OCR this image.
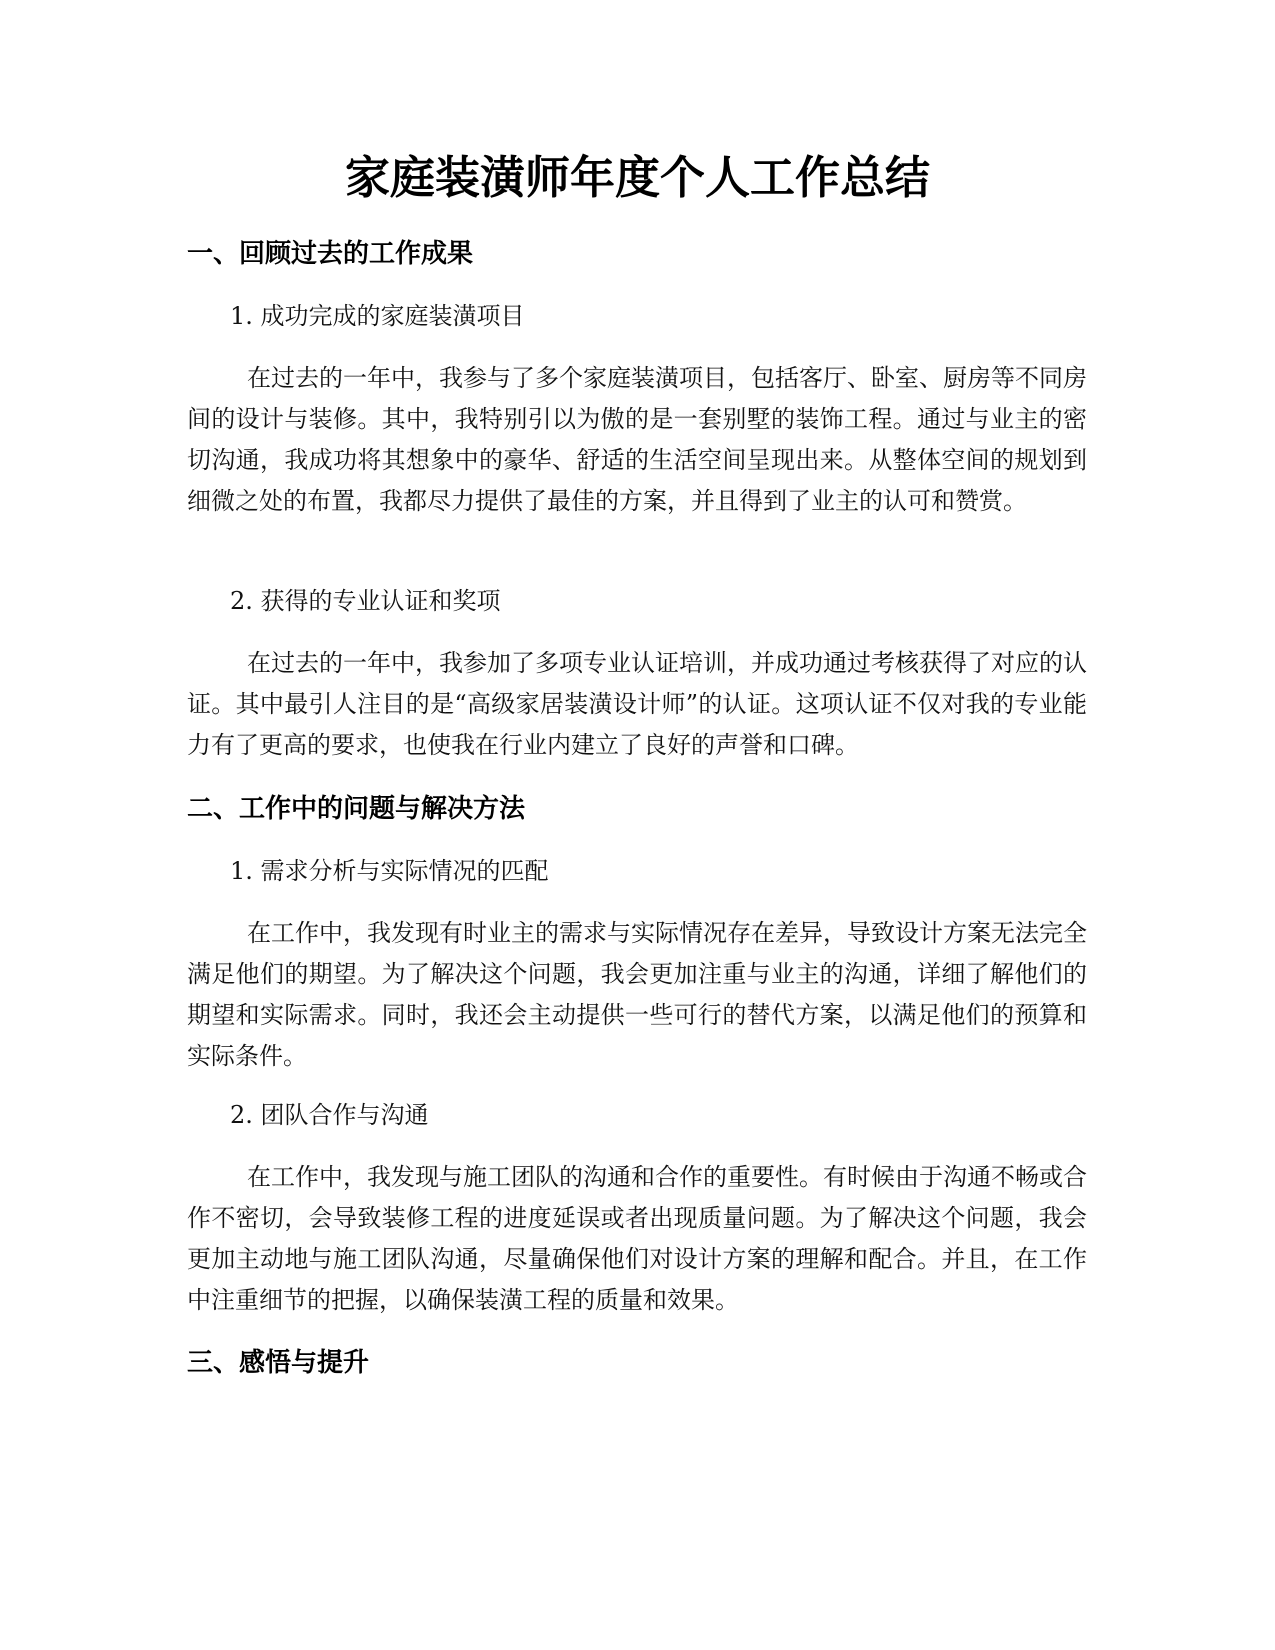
家庭装潢师年度个人工作总结
一、回顾过去的工作成果
1. 成功完成的家庭装潢项目

在过去的一年中，我参与了多个家庭装潢项目，包括客厅、卧室、厨房等不同房间的设计与装修。其中，我特别引以为傲的是一套别墅的装饰工程。通过与业主的密切沟通，我成功将其想象中的豪华、舒适的生活空间呈现出来。从整体空间的规划到细微之处的布置，我都尽力提供了最佳的方案，并且得到了业主的认可和赞赏。

2. 获得的专业认证和奖项

在过去的一年中，我参加了多项专业认证培训，并成功通过考核获得了对应的认证。其中最引人注目的是“高级家居装潢设计师”的认证。这项认证不仅对我的专业能力有了更高的要求，也使我在行业内建立了良好的声誉和口碑。

二、工作中的问题与解决方法
1. 需求分析与实际情况的匹配

在工作中，我发现有时业主的需求与实际情况存在差异，导致设计方案无法完全满足他们的期望。为了解决这个问题，我会更加注重与业主的沟通，详细了解他们的期望和实际需求。同时，我还会主动提供一些可行的替代方案，以满足他们的预算和实际条件。

2. 团队合作与沟通

在工作中，我发现与施工团队的沟通和合作的重要性。有时候由于沟通不畅或合作不密切，会导致装修工程的进度延误或者出现质量问题。为了解决这个问题，我会更加主动地与施工团队沟通，尽量确保他们对设计方案的理解和配合。并且，在工作中注重细节的把握，以确保装潢工程的质量和效果。

三、感悟与提升
